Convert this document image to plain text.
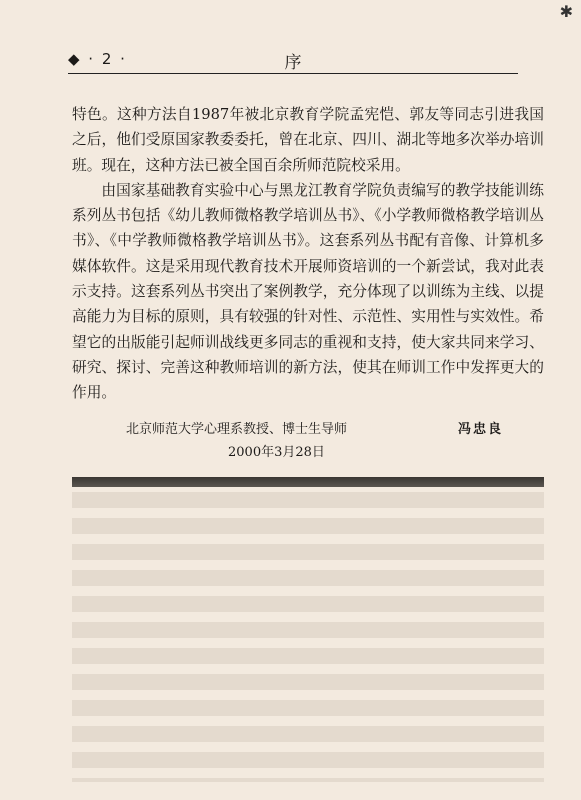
✱
◆ · 2 ·	序

特色。这种方法自1987年被北京教育学院孟宪恺、郭友等同志引进我国之后，他们受原国家教委委托，曾在北京、四川、湖北等地多次举办培训班。现在，这种方法已被全国百余所师范院校采用。

由国家基础教育实验中心与黑龙江教育学院负责编写的教学技能训练系列丛书包括《幼儿教师微格教学培训丛书》、《小学教师微格教学培训丛书》、《中学教师微格教学培训丛书》。这套系列丛书配有音像、计算机多媒体软件。这是采用现代教育技术开展师资培训的一个新尝试，我对此表示支持。这套系列丛书突出了案例教学，充分体现了以训练为主线、以提高能力为目标的原则，具有较强的针对性、示范性、实用性与实效性。希望它的出版能引起师训战线更多同志的重视和支持，使大家共同来学习、研究、探讨、完善这种教师培训的新方法，使其在师训工作中发挥更大的作用。

北京师范大学心理系教授、博士生导师	冯忠良
2000年3月28日
